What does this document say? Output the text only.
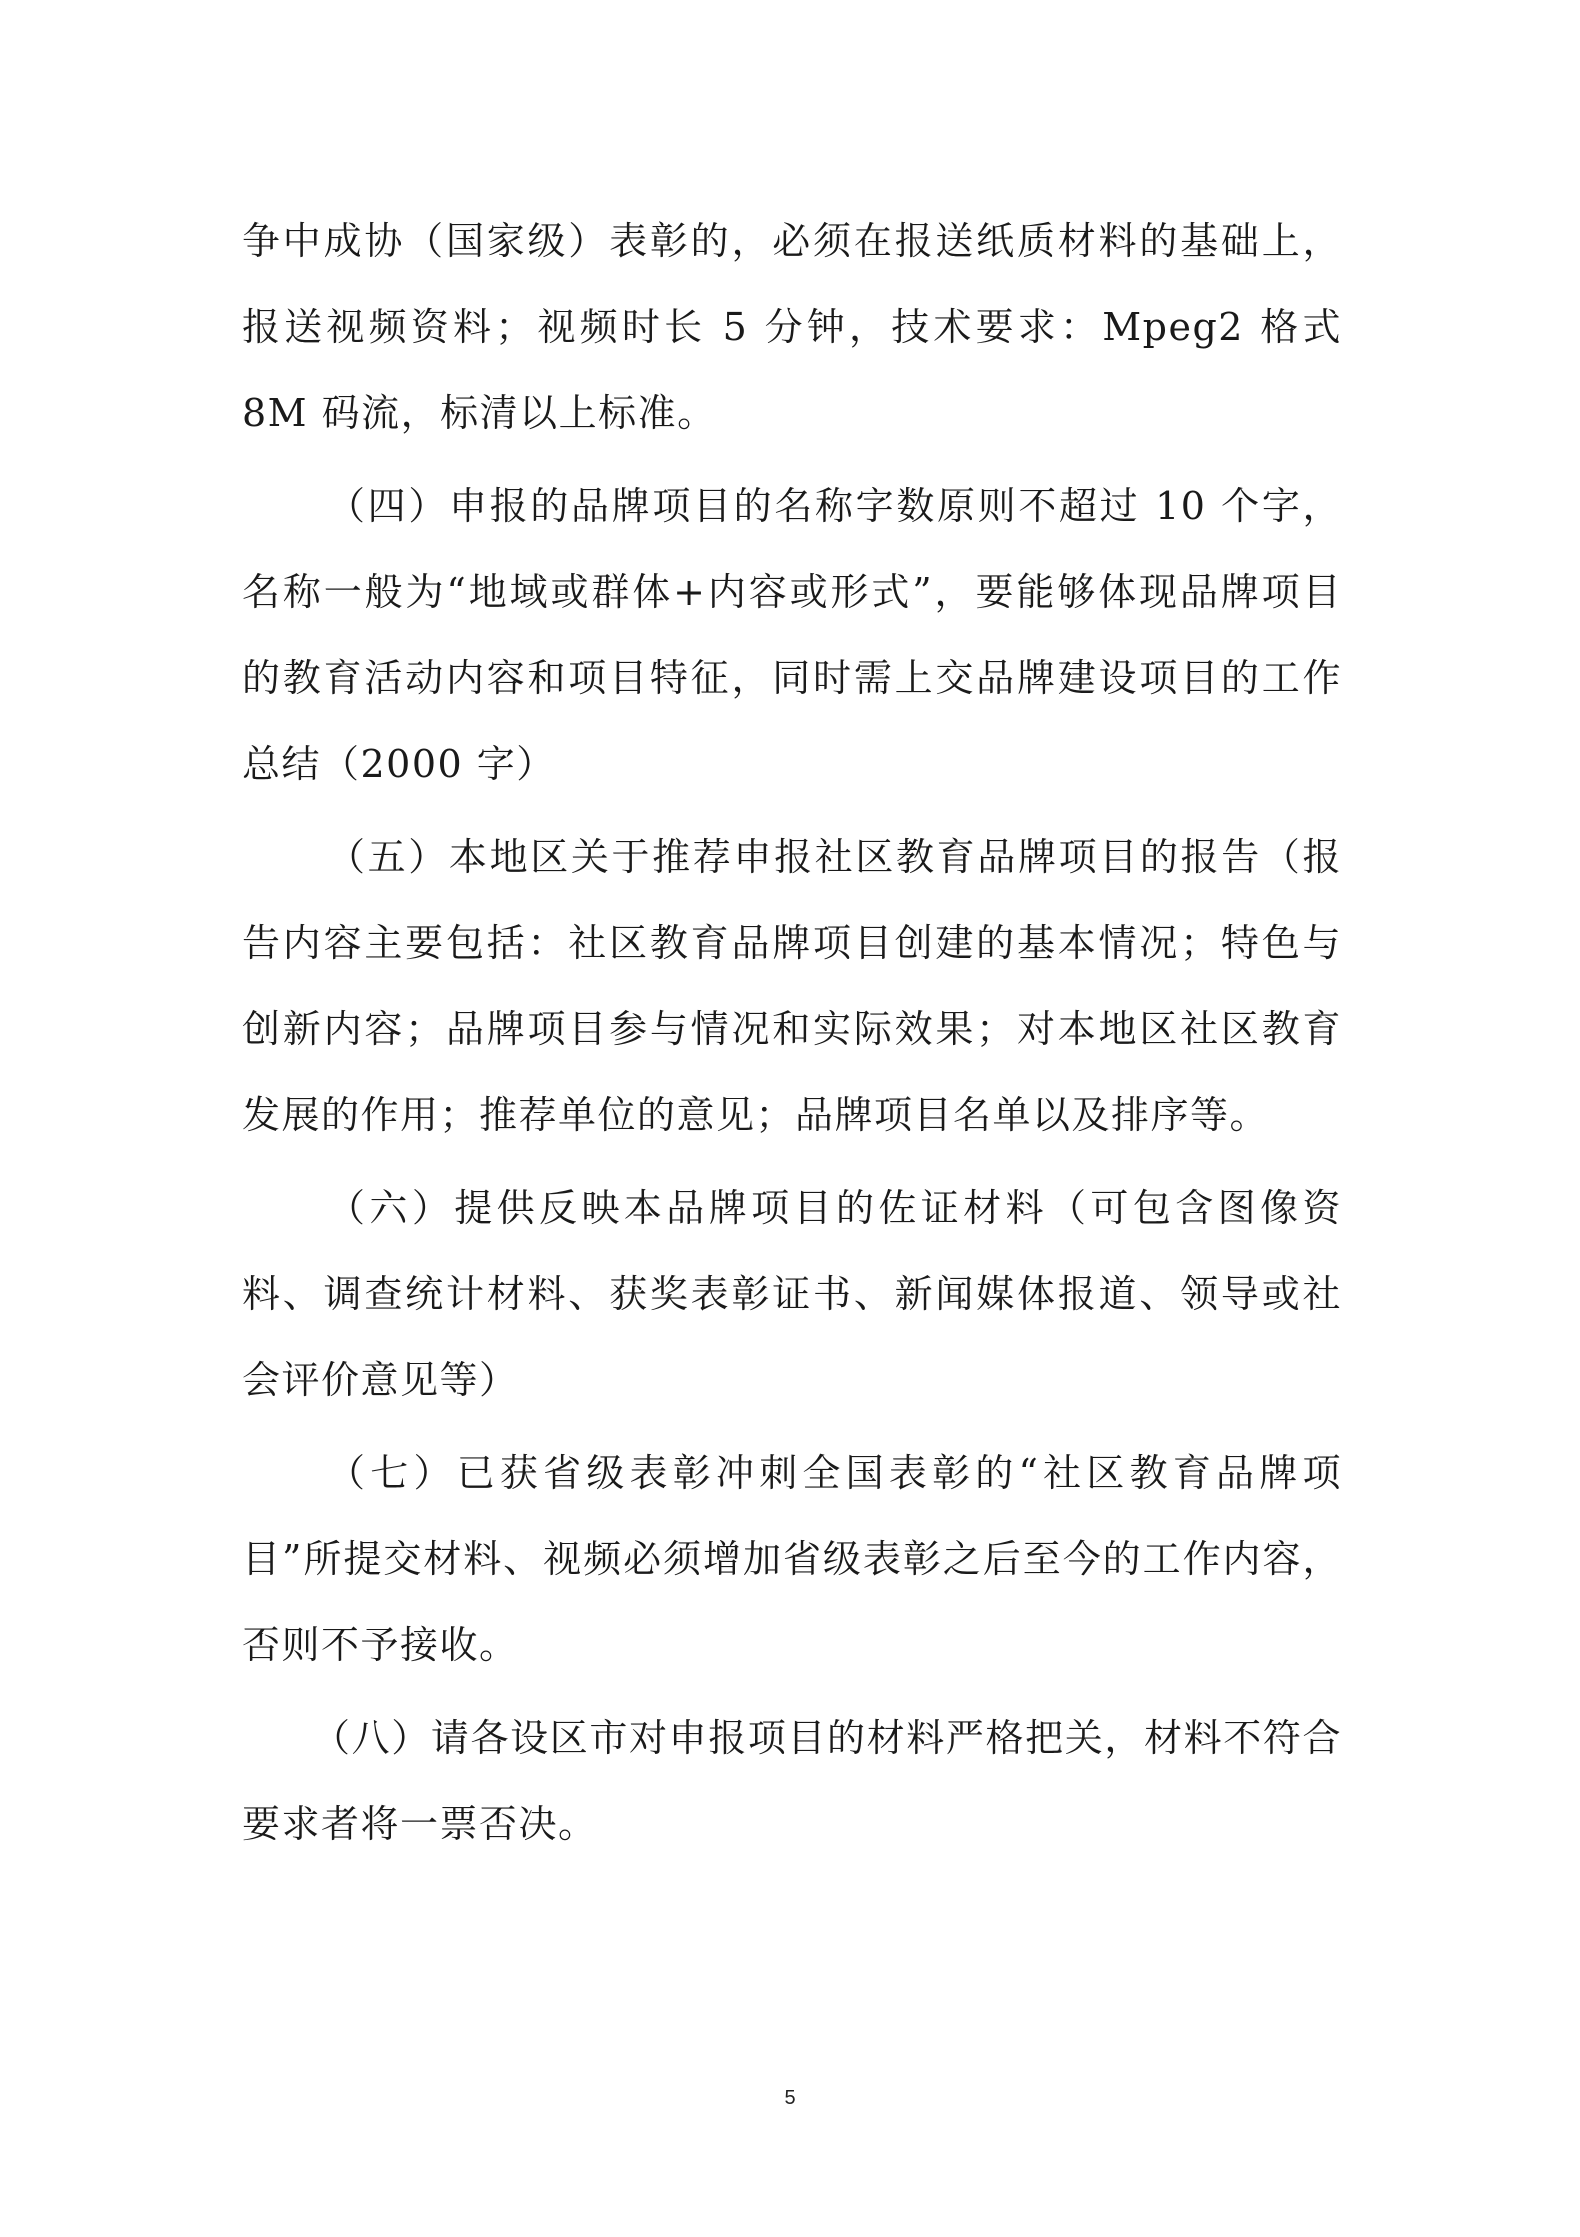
争中成协（国家级）表彰的，必须在报送纸质材料的基础上，报送视频资料；视频时长 5 分钟，技术要求：Mpeg2 格式 8M 码流，标清以上标准。

（四）申报的品牌项目的名称字数原则不超过 10 个字，名称一般为“地域或群体+内容或形式”，要能够体现品牌项目的教育活动内容和项目特征，同时需上交品牌建设项目的工作总结（2000 字）

（五）本地区关于推荐申报社区教育品牌项目的报告（报告内容主要包括：社区教育品牌项目创建的基本情况；特色与创新内容；品牌项目参与情况和实际效果；对本地区社区教育发展的作用；推荐单位的意见；品牌项目名单以及排序等。

（六）提供反映本品牌项目的佐证材料（可包含图像资料、调查统计材料、获奖表彰证书、新闻媒体报道、领导或社会评价意见等）

（七）已获省级表彰冲刺全国表彰的“社区教育品牌项目”所提交材料、视频必须增加省级表彰之后至今的工作内容，否则不予接收。

（八）请各设区市对申报项目的材料严格把关，材料不符合要求者将一票否决。

5
